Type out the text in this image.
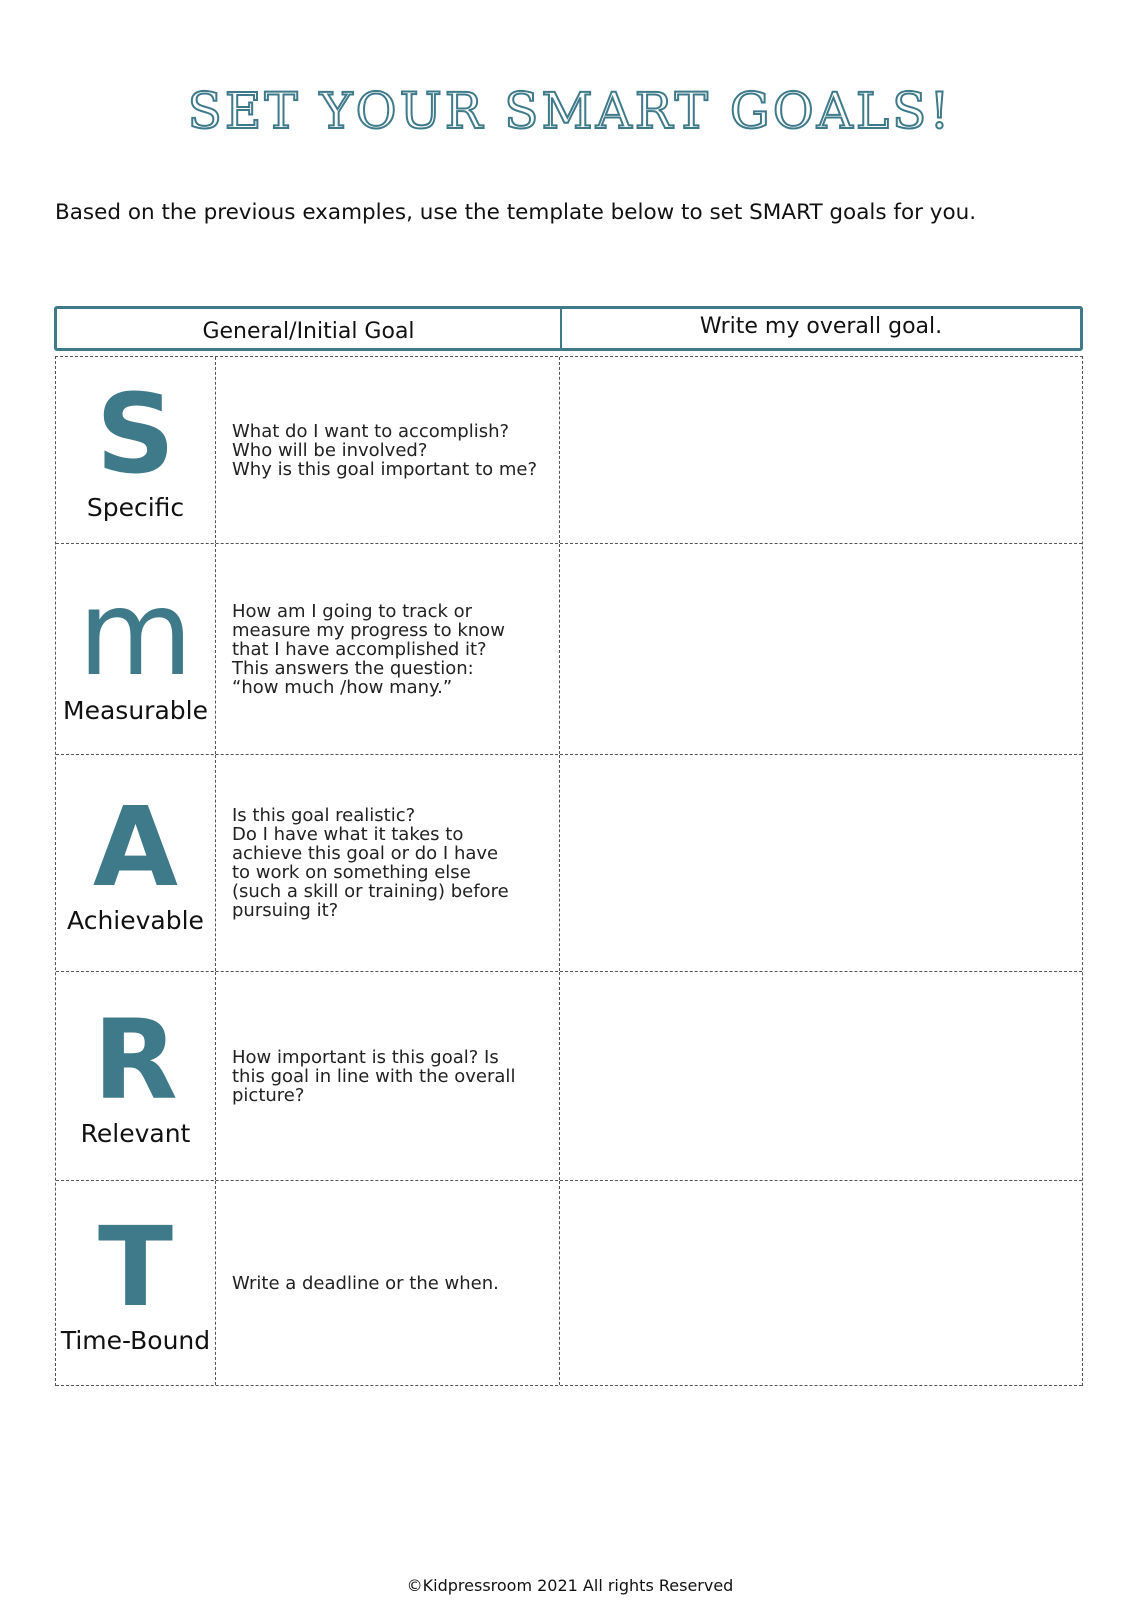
SET YOUR SMART GOALS!

Based on the previous examples, use the template below to set SMART goals for you.

General/Initial Goal	Write my overall goal.
S
Specific
What do I want to accomplish?
Who will be involved?
Why is this goal important to me?
m
Measurable
How am I going to track or
measure my progress to know
that I have accomplished it?
This answers the question:
“how much /how many.”
A
Achievable
Is this goal realistic?
Do I have what it takes to
achieve this goal or do I have
to work on something else
(such a skill or training) before
pursuing it?
R
Relevant
How important is this goal? Is
this goal in line with the overall
picture?
T
Time-Bound
Write a deadline or the when.
©Kidpressroom 2021 All rights Reserved
